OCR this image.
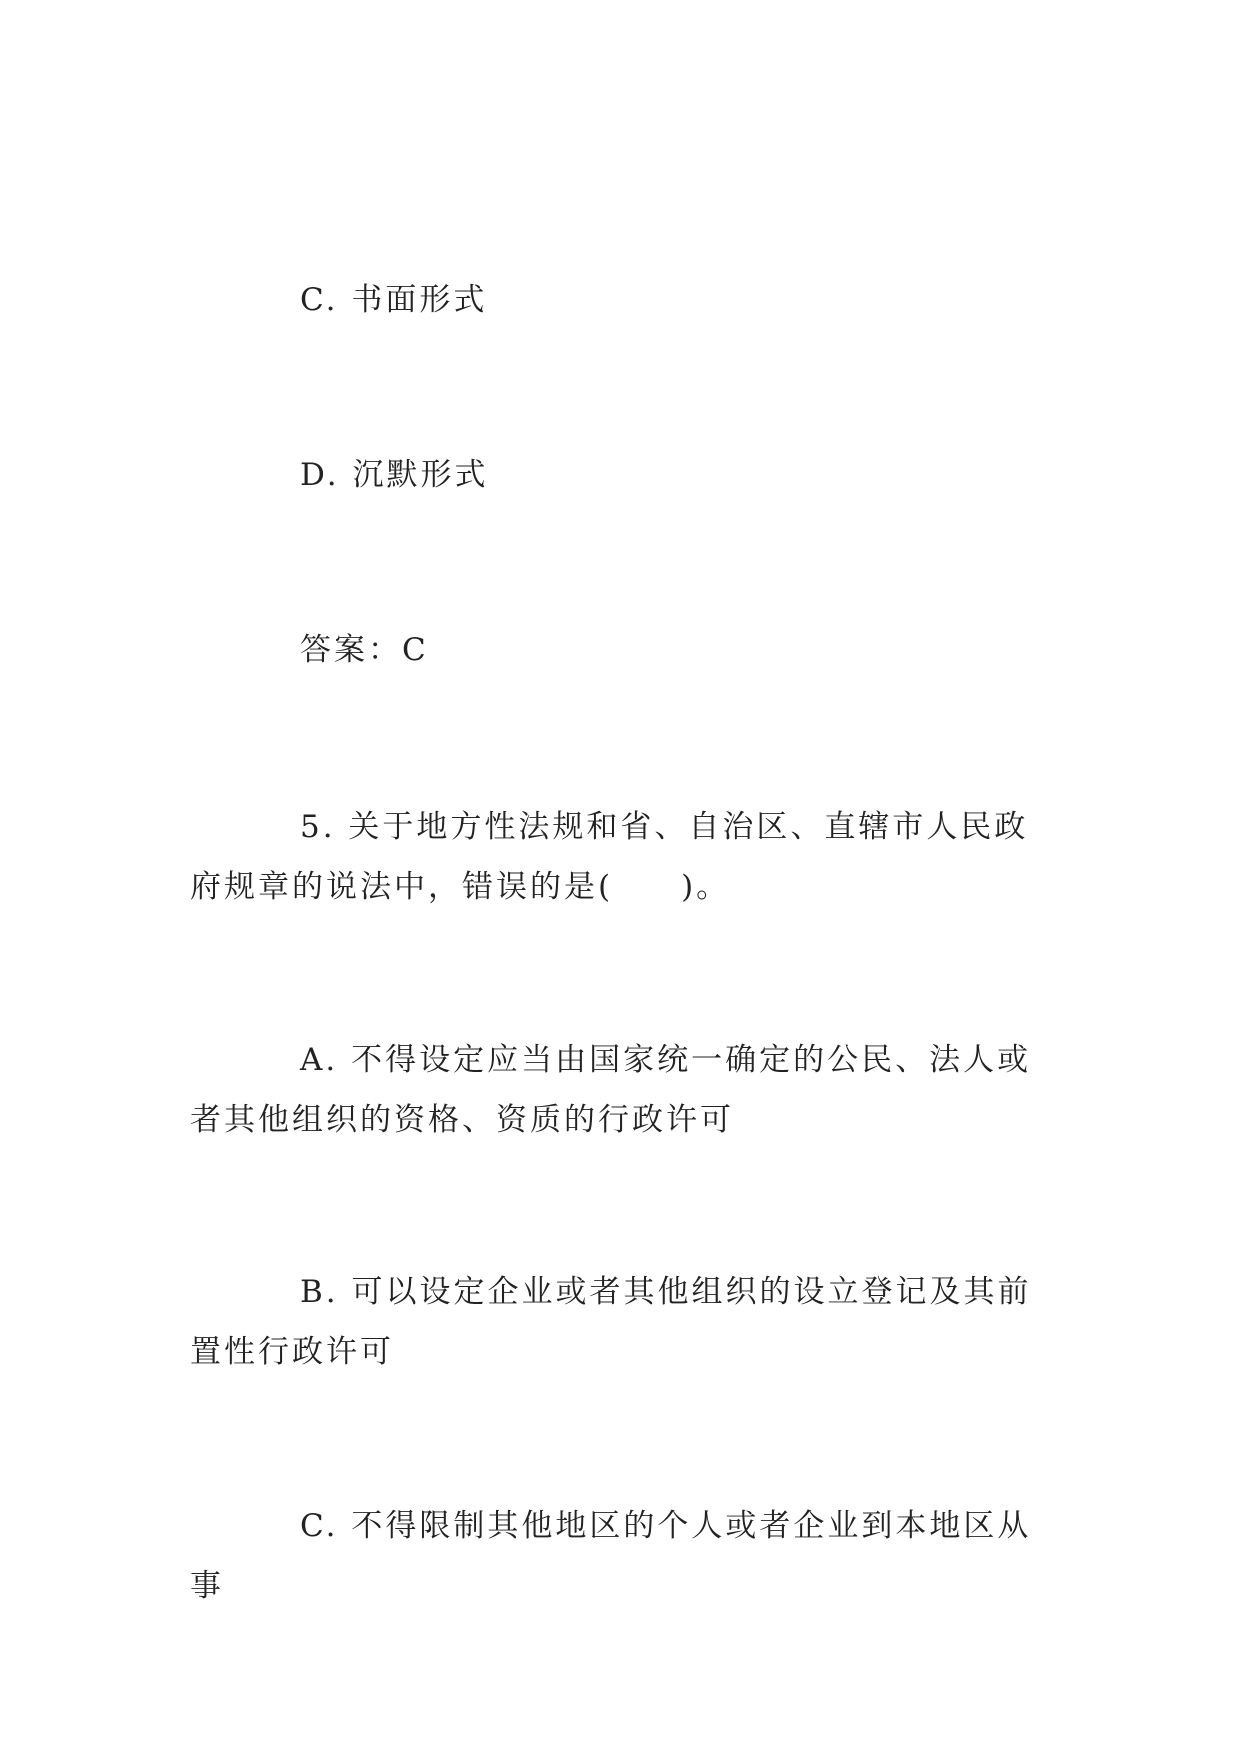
C. 书面形式

D. 沉默形式

答案：C

5. 关于地方性法规和省、自治区、直辖市人民政府规章的说法中，错误的是(　　)。

A. 不得设定应当由国家统一确定的公民、法人或者其他组织的资格、资质的行政许可

B. 可以设定企业或者其他组织的设立登记及其前置性行政许可

C. 不得限制其他地区的个人或者企业到本地区从事
